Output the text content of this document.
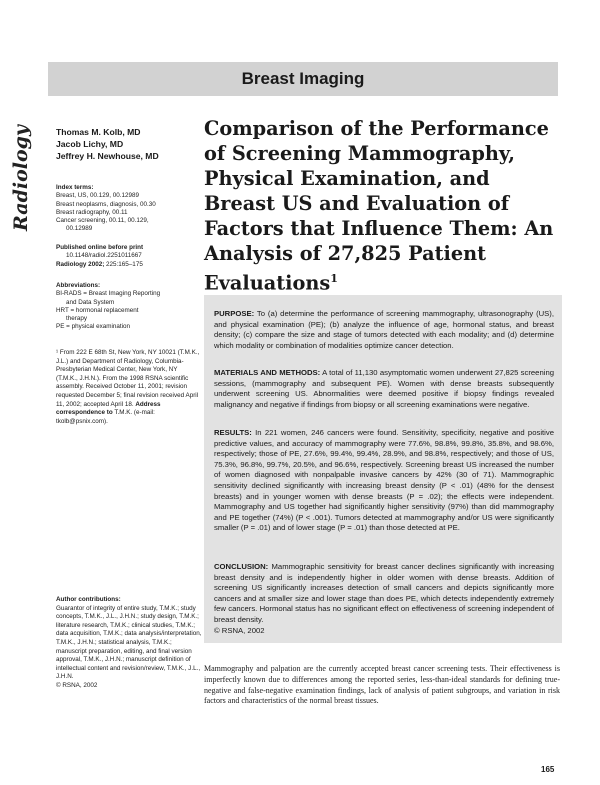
Radiology
Breast Imaging
Thomas M. Kolb, MD
Jacob Lichy, MD
Jeffrey H. Newhouse, MD
Index terms:
Breast, US, 00.129, 00.12989
Breast neoplasms, diagnosis, 00.30
Breast radiography, 00.11
Cancer screening, 00.11, 00.129,
00.12989
Published online before print
10.1148/radiol.2251011667
Radiology 2002; 225:165–175
Abbreviations:
BI-RADS = Breast Imaging Reporting
and Data System
HRT = hormonal replacement
therapy
PE = physical examination
¹ From 222 E 68th St, New York, NY 10021 (T.M.K., J.L.) and Department of Radiology, Columbia-Presbyterian Medical Center, New York, NY (T.M.K., J.H.N.). From the 1998 RSNA scientific assembly. Received October 11, 2001; revision requested December 5; final revision received April 11, 2002; accepted April 18. Address correspondence to T.M.K. (e-mail: tkolb@psnix.com).
Author contributions:
Guarantor of integrity of entire study, T.M.K.; study concepts, T.M.K., J.L., J.H.N.; study design, T.M.K.; literature research, T.M.K.; clinical studies, T.M.K.; data acquisition, T.M.K.; data analysis/interpretation, T.M.K., J.H.N.; statistical analysis, T.M.K.; manuscript preparation, editing, and final version approval, T.M.K., J.H.N.; manuscript definition of intellectual content and revision/review, T.M.K., J.L., J.H.N.
© RSNA, 2002
Comparison of the Performance of Screening Mammography, Physical Examination, and Breast US and Evaluation of Factors that Influence Them: An Analysis of 27,825 Patient Evaluations$^1$
PURPOSE: To (a) determine the performance of screening mammography, ultrasonography (US), and physical examination (PE); (b) analyze the influence of age, hormonal status, and breast density; (c) compare the size and stage of tumors detected with each modality; and (d) determine which modality or combination of modalities optimize cancer detection.
MATERIALS AND METHODS: A total of 11,130 asymptomatic women underwent 27,825 screening sessions, (mammography and subsequent PE). Women with dense breasts subsequently underwent screening US. Abnormalities were deemed positive if biopsy findings revealed malignancy and negative if findings from biopsy or all screening examinations were negative.
RESULTS: In 221 women, 246 cancers were found. Sensitivity, specificity, negative and positive predictive values, and accuracy of mammography were 77.6%, 98.8%, 99.8%, 35.8%, and 98.6%, respectively; those of PE, 27.6%, 99.4%, 99.4%, 28.9%, and 98.8%, respectively; and those of US, 75.3%, 96.8%, 99.7%, 20.5%, and 96.6%, respectively. Screening breast US increased the number of women diagnosed with nonpalpable invasive cancers by 42% (30 of 71). Mammographic sensitivity declined significantly with increasing breast density (P < .01) (48% for the densest breasts) and in younger women with dense breasts (P = .02); the effects were independent. Mammography and US together had significantly higher sensitivity (97%) than did mammography and PE together (74%) (P < .001). Tumors detected at mammography and/or US were significantly smaller (P = .01) and of lower stage (P = .01) than those detected at PE.
CONCLUSION: Mammographic sensitivity for breast cancer declines significantly with increasing breast density and is independently higher in older women with dense breasts. Addition of screening US significantly increases detection of small cancers and depicts significantly more cancers and at smaller size and lower stage than does PE, which detects independently extremely few cancers. Hormonal status has no significant effect on effectiveness of screening independent of breast density.
© RSNA, 2002
Mammography and palpation are the currently accepted breast cancer screening tests. Their effectiveness is imperfectly known due to differences among the reported series, less-than-ideal standards for defining true-negative and false-negative examination findings, lack of analysis of patient subgroups, and variation in risk factors and characteristics of the normal breast tissues.
165
